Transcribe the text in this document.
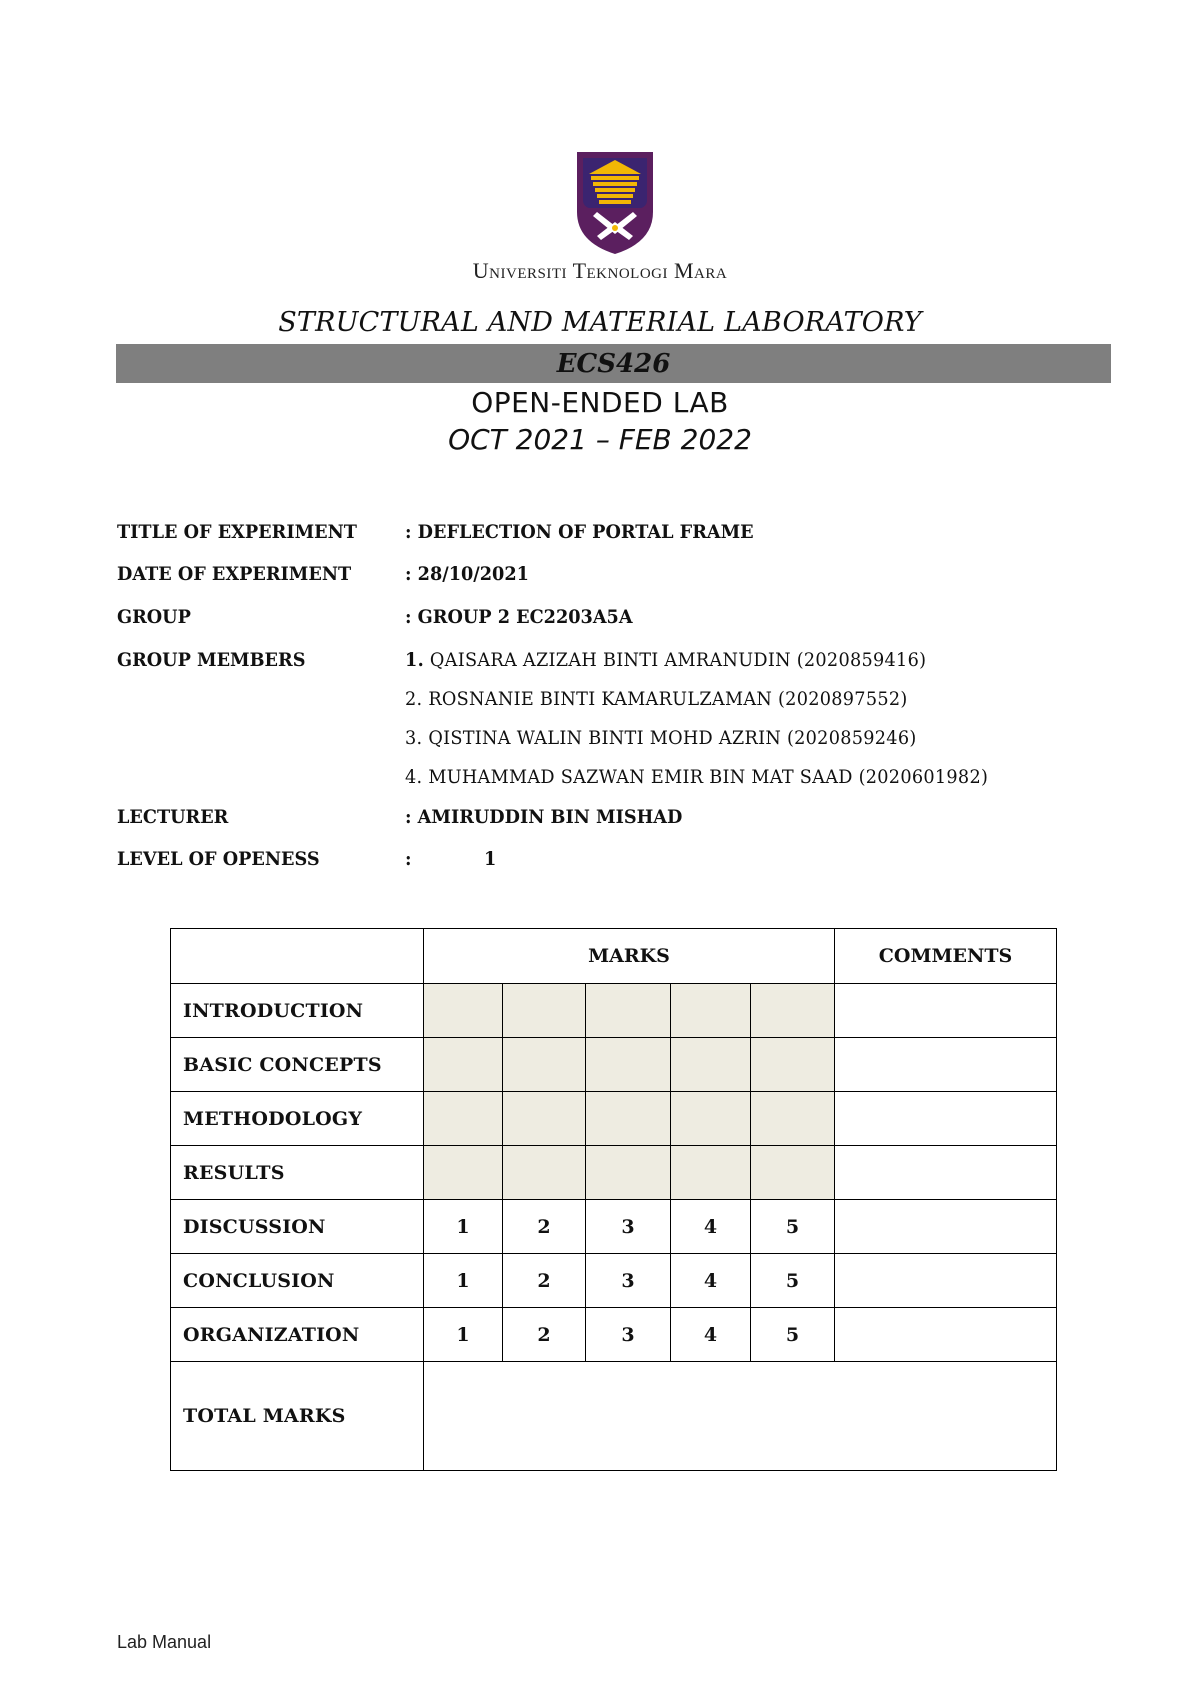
Universiti Teknologi Mara
STRUCTURAL AND MATERIAL LABORATORY
ECS426
OPEN-ENDED LAB
OCT 2021 – FEB 2022
TITLE OF EXPERIMENT	: DEFLECTION OF PORTAL FRAME
DATE OF EXPERIMENT	: 28/10/2021
GROUP	: GROUP 2 EC2203A5A
GROUP MEMBERS	1. QAISARA AZIZAH BINTI AMRANUDIN (2020859416)
2. ROSNANIE BINTI KAMARULZAMAN (2020897552)
3. QISTINA WALIN BINTI MOHD AZRIN (2020859246)
4. MUHAMMAD SAZWAN EMIR BIN MAT SAAD (2020601982)
LECTURER	: AMIRUDDIN BIN MISHAD
LEVEL OF OPENESS	:	1
	MARKS					COMMENTS
INTRODUCTION						
BASIC CONCEPTS						
METHODOLOGY						
RESULTS						
DISCUSSION	1	2	3	4	5	
CONCLUSION	1	2	3	4	5	
ORGANIZATION	1	2	3	4	5	
TOTAL MARKS						
Lab Manual
